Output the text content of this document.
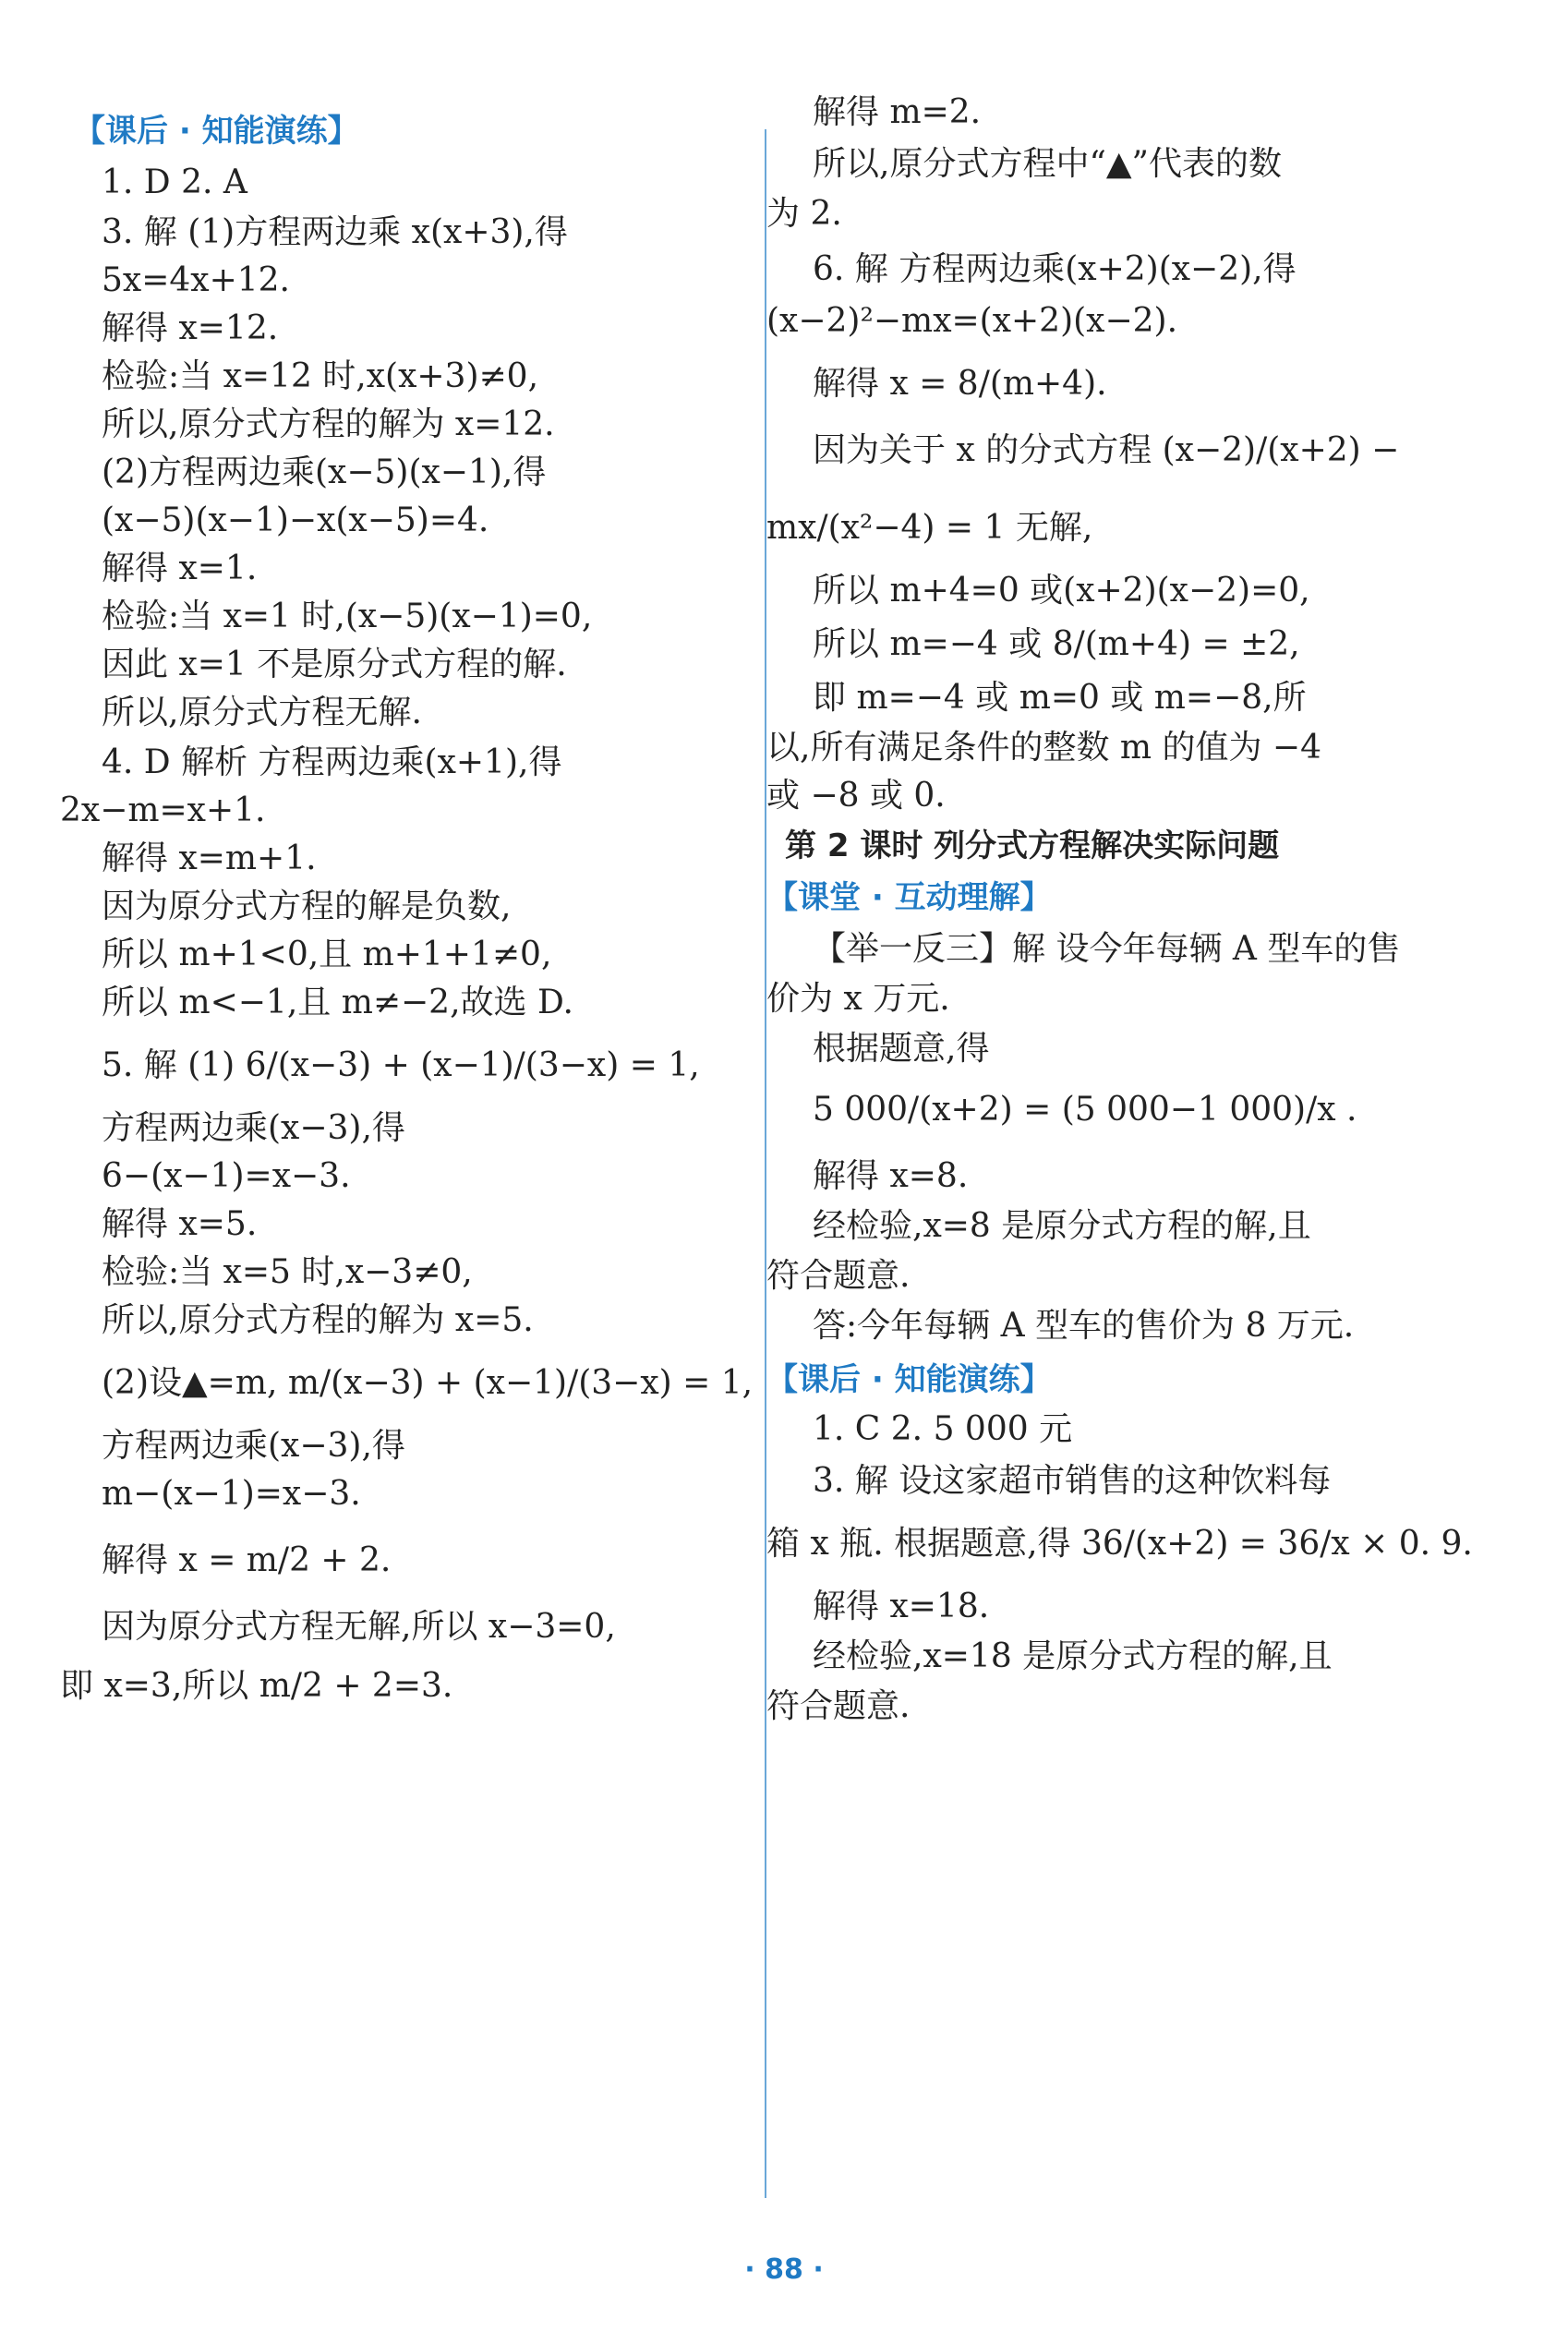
【课后 · 知能演练】
1. D 2. A
3. 解 (1)方程两边乘 x(x+3),得
5x=4x+12.
解得 x=12.
检验:当 x=12 时,x(x+3)≠0,
所以,原分式方程的解为 x=12.
(2)方程两边乘(x−5)(x−1),得
(x−5)(x−1)−x(x−5)=4.
解得 x=1.
检验:当 x=1 时,(x−5)(x−1)=0,
因此 x=1 不是原分式方程的解.
所以,原分式方程无解.
4. D 解析 方程两边乘(x+1),得
2x−m=x+1.
解得 x=m+1.
因为原分式方程的解是负数,
所以 m+1<0,且 m+1+1≠0,
所以 m<−1,且 m≠−2,故选 D.
5. 解 (1) 6/(x−3) + (x−1)/(3−x) = 1,
方程两边乘(x−3),得
6−(x−1)=x−3.
解得 x=5.
检验:当 x=5 时,x−3≠0,
所以,原分式方程的解为 x=5.
(2)设▲=m, m/(x−3) + (x−1)/(3−x) = 1,
方程两边乘(x−3),得
m−(x−1)=x−3.
解得 x = m/2 + 2.
因为原分式方程无解,所以 x−3=0,
即 x=3,所以 m/2 + 2=3.
解得 m=2.
所以,原分式方程中“▲”代表的数
为 2.
6. 解 方程两边乘(x+2)(x−2),得
(x−2)²−mx=(x+2)(x−2).
解得 x = 8/(m+4).
因为关于 x 的分式方程 (x−2)/(x+2) −
mx/(x²−4) = 1 无解,
所以 m+4=0 或(x+2)(x−2)=0,
所以 m=−4 或 8/(m+4) = ±2,
即 m=−4 或 m=0 或 m=−8,所
以,所有满足条件的整数 m 的值为 −4
或 −8 或 0.
第 2 课时 列分式方程解决实际问题
【课堂 · 互动理解】
【举一反三】解 设今年每辆 A 型车的售
价为 x 万元.
根据题意,得
5 000/(x+2) = (5 000−1 000)/x .
解得 x=8.
经检验,x=8 是原分式方程的解,且
符合题意.
答:今年每辆 A 型车的售价为 8 万元.
【课后 · 知能演练】
1. C 2. 5 000 元
3. 解 设这家超市销售的这种饮料每
箱 x 瓶. 根据题意,得 36/(x+2) = 36/x × 0. 9.
解得 x=18.
经检验,x=18 是原分式方程的解,且
符合题意.
· 88 ·
